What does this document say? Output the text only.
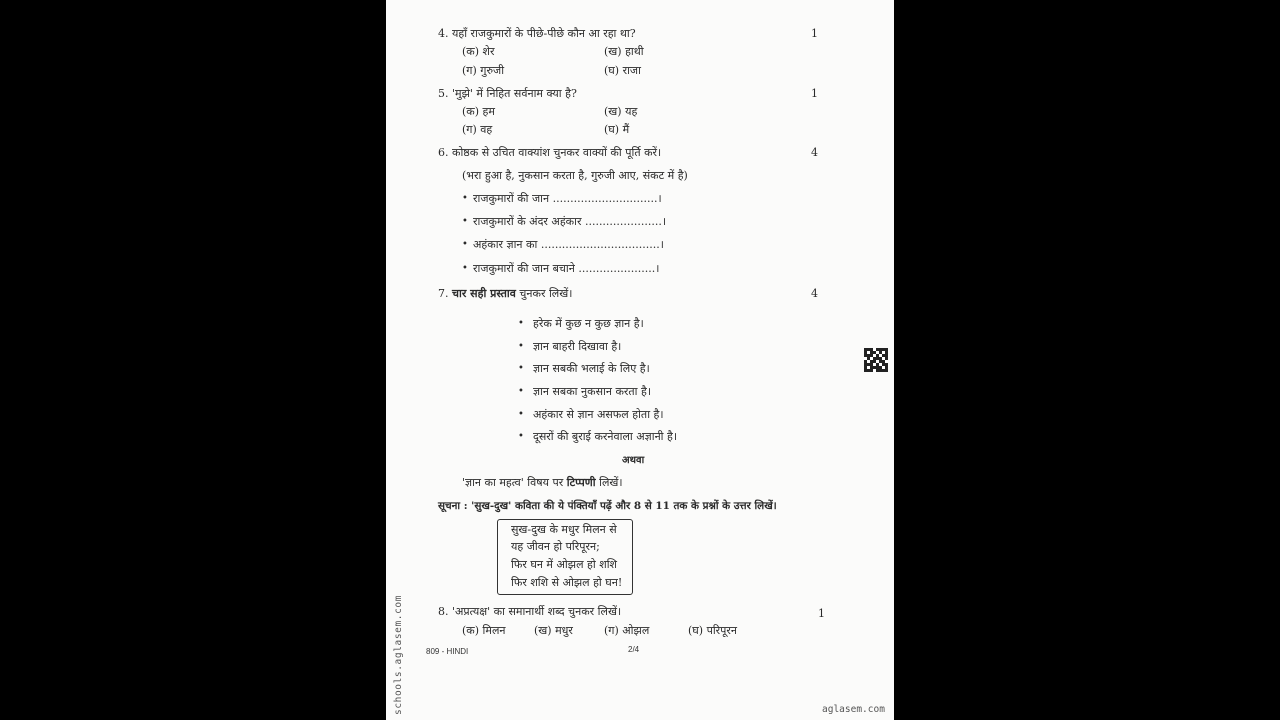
4. यहाँ राजकुमारों के पीछे-पीछे कौन आ रहा था?	1
(क) शेर	(ख) हाथी
(ग) गुरुजी	(घ) राजा
5. 'मुझे' में निहित सर्वनाम क्या है?	1
(क) हम	(ख) यह
(ग) वह	(घ) मैं
6. कोष्ठक से उचित वाक्यांश चुनकर वाक्यों की पूर्ति करें।	4
(भरा हुआ है, नुकसान करता है, गुरुजी आए, संकट में है)
• राजकुमारों की जान ..............................।
• राजकुमारों के अंदर अहंकार ......................।
• अहंकार ज्ञान का ..................................।
• राजकुमारों की जान बचाने ......................।
7. चार सही प्रस्ताव चुनकर लिखें।	4
• हरेक में कुछ न कुछ ज्ञान है।
• ज्ञान बाहरी दिखावा है।
• ज्ञान सबकी भलाई के लिए है।
• ज्ञान सबका नुकसान करता है।
• अहंकार से ज्ञान असफल होता है।
• दूसरों की बुराई करनेवाला अज्ञानी है।
अथवा
'ज्ञान का महत्व' विषय पर टिप्पणी लिखें।
सूचना : 'सुख-दुख' कविता की ये पंक्तियाँ पढ़ें और 8 से 11 तक के प्रश्नों के उत्तर लिखें।
सुख-दुख के मधुर मिलन से
यह जीवन हो परिपूरन;
फिर घन में ओझल हो शशि
फिर शशि से ओझल हो घन!
8. 'अप्रत्यक्ष' का समानार्थी शब्द चुनकर लिखें।	1
(क) मिलन	(ख) मधुर	(ग) ओझल	(घ) परिपूरन
809 - HINDI	2/4
schools.aglasem.com	aglasem.com
